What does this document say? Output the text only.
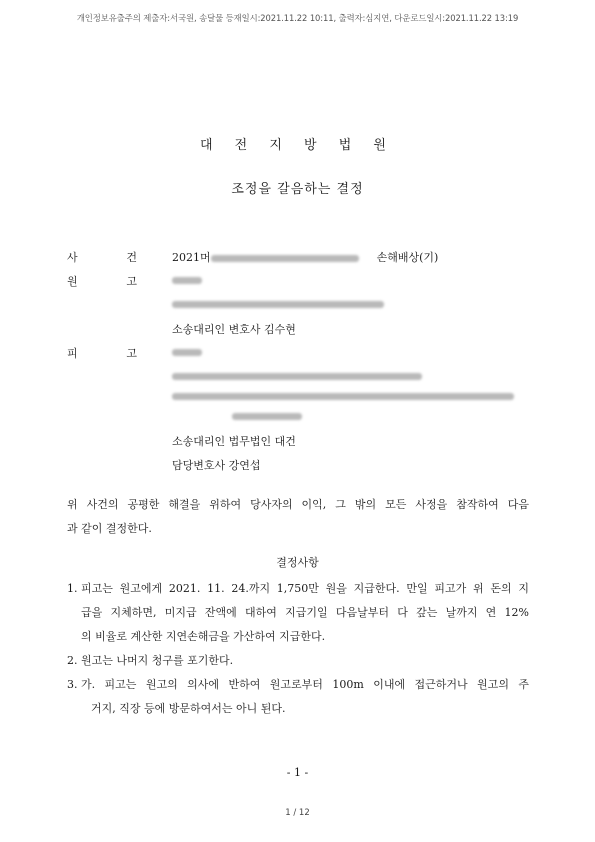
개인정보유출주의 제출자:서국원, 송달물 등재일시:2021.11.22 10:11, 출력자:심지연, 다운로드일시:2021.11.22 13:19
대 전 지 방 법 원
조정을 갈음하는 결정
사	건	2021머	손해배상(기)
원	고
소송대리인 변호사 김수현
피	고
소송대리인 법무법인 대건
담당변호사 강연섭
위 사건의 공평한 해결을 위하여 당사자의 이익, 그 밖의 모든 사정을 참작하여 다음
과 같이 결정한다.
결정사항
1. 피고는 원고에게 2021. 11. 24.까지 1,750만 원을 지급한다. 만일 피고가 위 돈의 지
급을 지체하면, 미지급 잔액에 대하여 지급기일 다음날부터 다 갚는 날까지 연 12%
의 비율로 계산한 지연손해금을 가산하여 지급한다.
2. 원고는 나머지 청구를 포기한다.
3. 가. 피고는 원고의 의사에 반하여 원고로부터 100m 이내에 접근하거나 원고의 주
거지, 직장 등에 방문하여서는 아니 된다.
- 1 -
1 / 12
